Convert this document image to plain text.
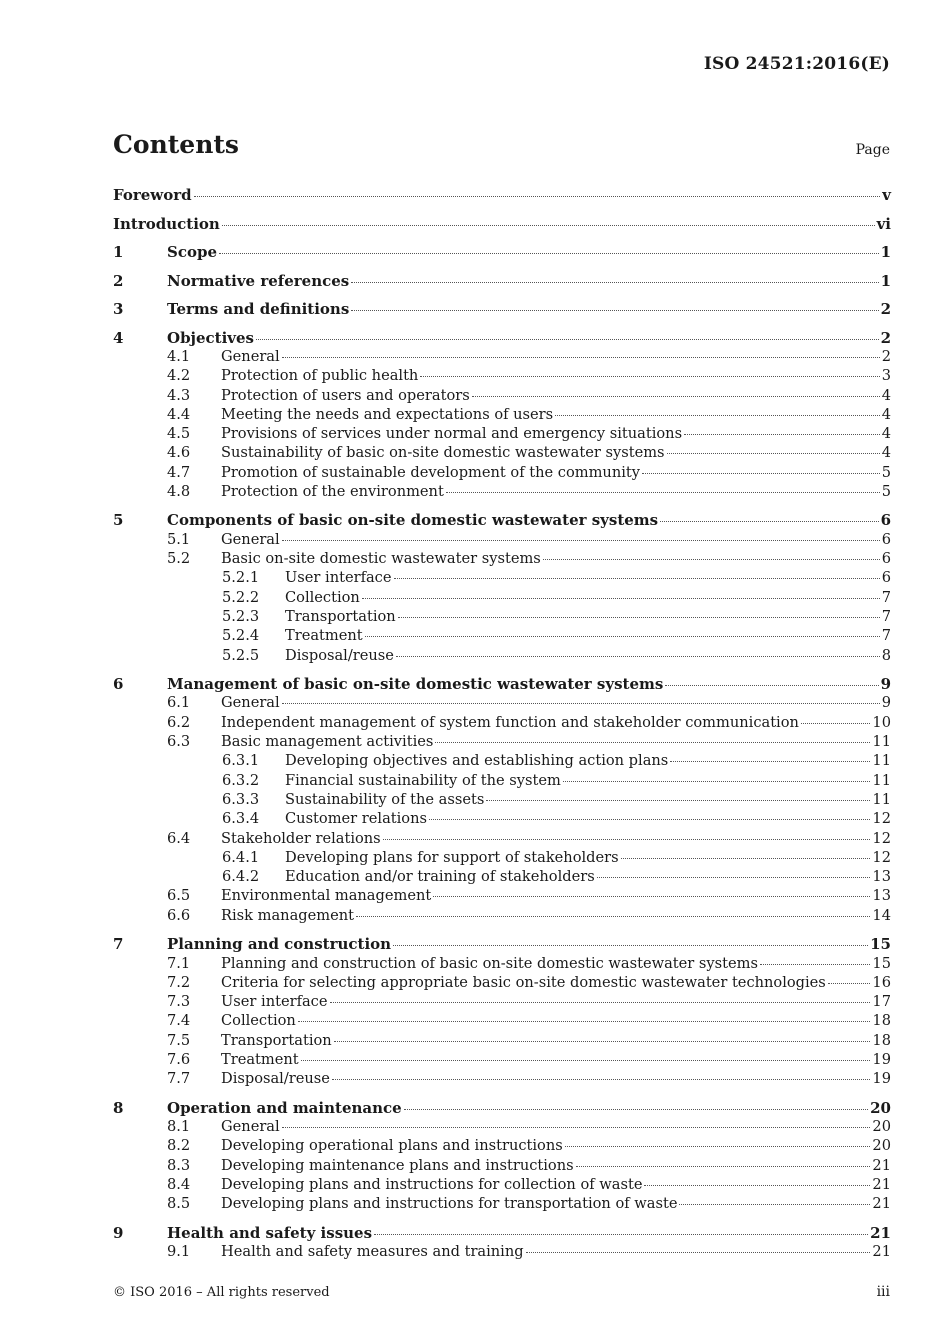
ISO 24521:2016(E)
Contents	Page
Foreword	v
Introduction	vi
1	Scope	1
2	Normative references	1
3	Terms and definitions	2
4	Objectives	2
4.1	General	2
4.2	Protection of public health	3
4.3	Protection of users and operators	4
4.4	Meeting the needs and expectations of users	4
4.5	Provisions of services under normal and emergency situations	4
4.6	Sustainability of basic on-site domestic wastewater systems	4
4.7	Promotion of sustainable development of the community	5
4.8	Protection of the environment	5
5	Components of basic on-site domestic wastewater systems	6
5.1	General	6
5.2	Basic on-site domestic wastewater systems	6
5.2.1	User interface	6
5.2.2	Collection	7
5.2.3	Transportation	7
5.2.4	Treatment	7
5.2.5	Disposal/reuse	8
6	Management of basic on-site domestic wastewater systems	9
6.1	General	9
6.2	Independent management of system function and stakeholder communication	10
6.3	Basic management activities	11
6.3.1	Developing objectives and establishing action plans	11
6.3.2	Financial sustainability of the system	11
6.3.3	Sustainability of the assets	11
6.3.4	Customer relations	12
6.4	Stakeholder relations	12
6.4.1	Developing plans for support of stakeholders	12
6.4.2	Education and/or training of stakeholders	13
6.5	Environmental management	13
6.6	Risk management	14
7	Planning and construction	15
7.1	Planning and construction of basic on-site domestic wastewater systems	15
7.2	Criteria for selecting appropriate basic on-site domestic wastewater technologies	16
7.3	User interface	17
7.4	Collection	18
7.5	Transportation	18
7.6	Treatment	19
7.7	Disposal/reuse	19
8	Operation and maintenance	20
8.1	General	20
8.2	Developing operational plans and instructions	20
8.3	Developing maintenance plans and instructions	21
8.4	Developing plans and instructions for collection of waste	21
8.5	Developing plans and instructions for transportation of waste	21
9	Health and safety issues	21
9.1	Health and safety measures and training	21
© ISO 2016 – All rights reserved	iii
